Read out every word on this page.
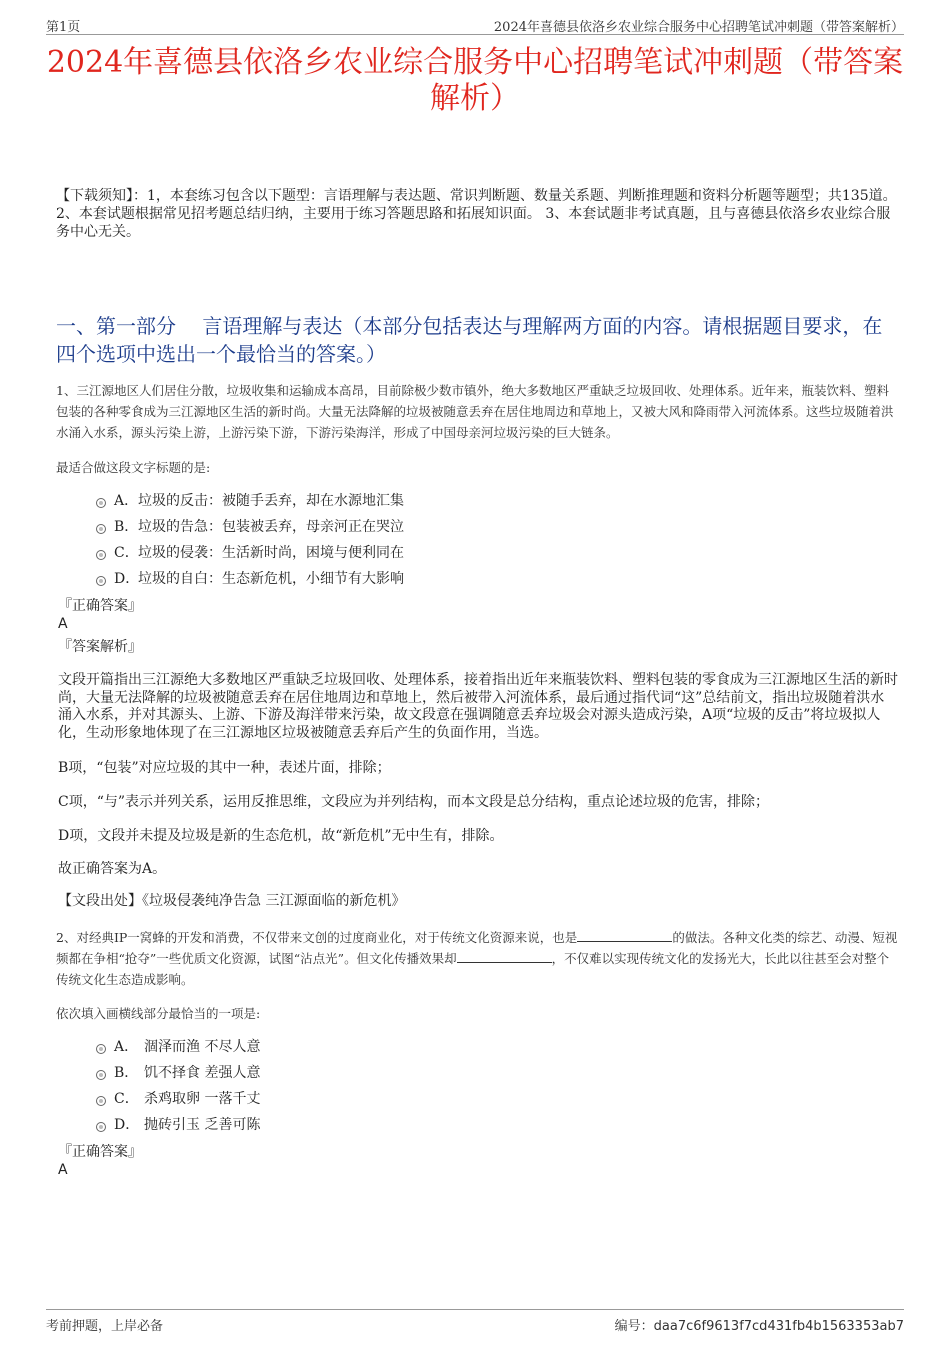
第1页	2024年喜德县依洛乡农业综合服务中心招聘笔试冲刺题（带答案解析）
2024年喜德县依洛乡农业综合服务中心招聘笔试冲刺题（带答案解析）
【下载须知】：1，本套练习包含以下题型：言语理解与表达题、常识判断题、数量关系题、判断推理题和资料分析题等题型；共135道。 2、本套试题根据常见招考题总结归纳，主要用于练习答题思路和拓展知识面。 3、本套试题非考试真题，且与喜德县依洛乡农业综合服务中心无关。
一、第一部分　 言语理解与表达（本部分包括表达与理解两方面的内容。请根据题目要求，在四个选项中选出一个最恰当的答案。）
1、三江源地区人们居住分散，垃圾收集和运输成本高昂，目前除极少数市镇外，绝大多数地区严重缺乏垃圾回收、处理体系。近年来，瓶装饮料、塑料包装的各种零食成为三江源地区生活的新时尚。大量无法降解的垃圾被随意丢弃在居住地周边和草地上，又被大风和降雨带入河流体系。这些垃圾随着洪水涌入水系，源头污染上游，上游污染下游，下游污染海洋，形成了中国母亲河垃圾污染的巨大链条。
最适合做这段文字标题的是:
A． 垃圾的反击：被随手丢弃，却在水源地汇集
B． 垃圾的告急：包装被丢弃，母亲河正在哭泣
C． 垃圾的侵袭：生活新时尚，困境与便利同在
D．
垃圾的自白：生态新危机，小细节有大影响
『正确答案』
A
『答案解析』
文段开篇指出三江源绝大多数地区严重缺乏垃圾回收、处理体系，接着指出近年来瓶装饮料、塑料包装的零食成为三江源地区生活的新时尚，大量无法降解的垃圾被随意丢弃在居住地周边和草地上，然后被带入河流体系，最后通过指代词“这”总结前文，指出垃圾随着洪水涌入水系，并对其源头、上游、下游及海洋带来污染，故文段意在强调随意丢弃垃圾会对源头造成污染，A项“垃圾的反击”将垃圾拟人化，生动形象地体现了在三江源地区垃圾被随意丢弃后产生的负面作用，当选。
B项，“包装”对应垃圾的其中一种，表述片面，排除；
C项，“与”表示并列关系，运用反推思维，文段应为并列结构，而本文段是总分结构，重点论述垃圾的危害，排除；
D项，文段并未提及垃圾是新的生态危机，故“新危机”无中生有，排除。
故正确答案为A。
【文段出处】《垃圾侵袭纯净告急 三江源面临的新危机》
2、对经典IP一窝蜂的开发和消费，不仅带来文创的过度商业化，对于传统文化资源来说，也是	的做法。各种文化类的综艺、动漫、短视频都在争相“抢夺”一些优质文化资源，试图“沾点光”。但文化传播效果却	，不仅难以实现传统文化的发扬光大，长此以往甚至会对整个传统文化生态造成影响。
依次填入画横线部分最恰当的一项是:
A． 涸泽而渔 不尽人意
B． 饥不择食 差强人意
C． 杀鸡取卵 一落千丈
D． 抛砖引玉 乏善可陈
『正确答案』
A
考前押题，上岸必备	编号：daa7c6f9613f7cd431fb4b1563353ab7
